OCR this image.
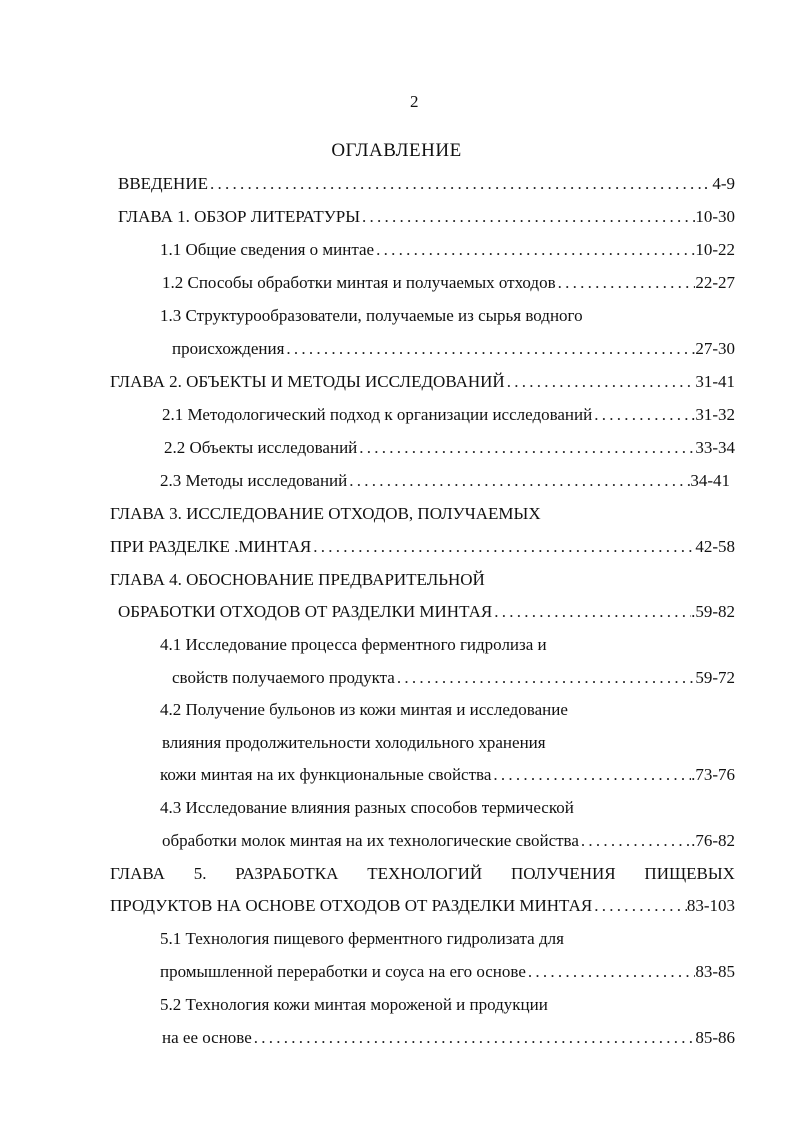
2
ОГЛАВЛЕНИЕ
ВВЕДЕНИЕ . . .	. 4-9
ГЛАВА 1. ОБЗОР ЛИТЕРАТУРЫ . . .	10-30
1.1 Общие сведения о минтае . . .	10-22
1.2 Способы обработки минтая и получаемых отходов . . .	22-27
1.3 Структурообразователи, получаемые из сырья водного
происхождения . . .	27-30
ГЛАВА 2. ОБЪЕКТЫ И МЕТОДЫ ИССЛЕДОВАНИЙ . . .	31-41
2.1 Методологический подход к организации исследований . . .	.31-32
2.2 Объекты исследований . . .	33-34
2.3 Методы исследований . . .	34-41
ГЛАВА 3. ИССЛЕДОВАНИЕ ОТХОДОВ, ПОЛУЧАЕМЫХ
ПРИ РАЗДЕЛКЕ .МИНТАЯ . . .	42-58
ГЛАВА 4. ОБОСНОВАНИЕ ПРЕДВАРИТЕЛЬНОЙ
ОБРАБОТКИ ОТХОДОВ ОТ РАЗДЕЛКИ МИНТАЯ . . .	.59-82
4.1 Исследование процесса ферментного гидролиза и
свойств получаемого продукта . . .	59-72
4.2 Получение бульонов из кожи минтая и исследование
влияния продолжительности холодильного хранения
кожи минтая на их функциональные свойства . . .	.73-76
4.3 Исследование влияния разных способов термической
обработки молок минтая на их технологические свойства . . .	.76-82
ГЛАВА 5. РАЗРАБОТКА ТЕХНОЛОГИЙ ПОЛУЧЕНИЯ ПИЩЕВЫХ
ПРОДУКТОВ НА ОСНОВЕ ОТХОДОВ ОТ РАЗДЕЛКИ МИНТАЯ . . .	83-103
5.1 Технология пищевого ферментного гидролизата для
промышленной переработки и соуса на его основе . . .	83-85
5.2 Технология кожи минтая мороженой и продукции
на ее основе . . .	85-86
